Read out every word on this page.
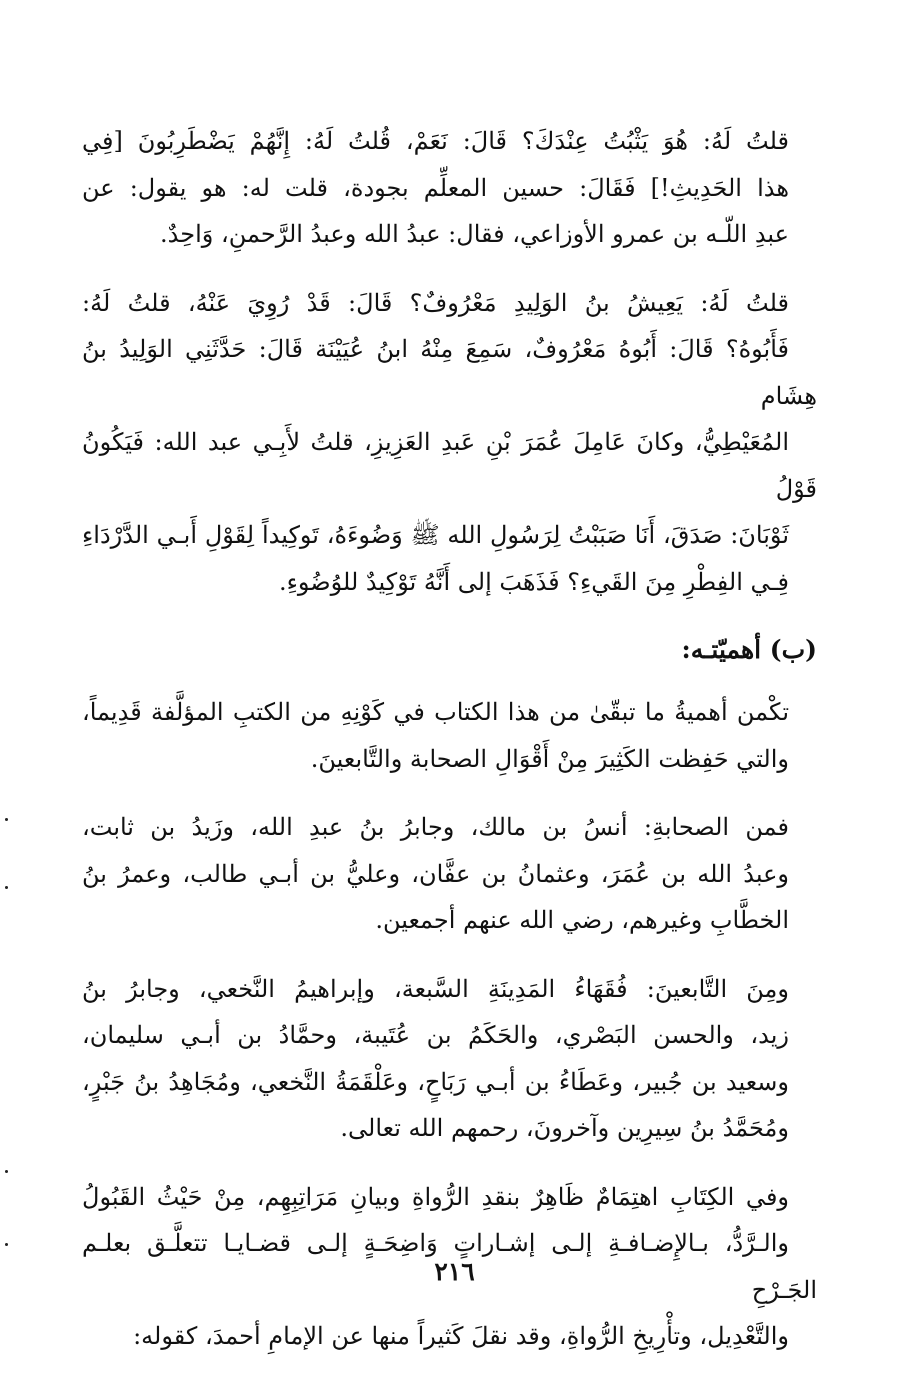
قلتُ لَهُ: هُوَ يَثْبُتُ عِنْدَكَ؟ قَالَ: نَعَمْ، قُلتُ لَهُ: إِنَّهُمْ يَضْطَرِبُونَ [فِي
هذا الحَدِيثِ!] فَقَالَ: حسين المعلِّم بجودة، قلت له: هو يقول: عن
عبدِ اللّـه بن عمرو الأوزاعي، فقال: عبدُ الله وعبدُ الرَّحمنِ، وَاحِدٌ.

قلتُ لَهُ: يَعِيشُ بنُ الوَلِيدِ مَعْرُوفٌ؟ قَالَ: قَدْ رُوِيَ عَنْهُ، قلتُ لَهُ:
فَأَبُوهُ؟ قَالَ: أَبُوهُ مَعْرُوفٌ، سَمِعَ مِنْهُ ابنُ عُيَيْنَة قَالَ: حَدَّثَنِي الوَلِيدُ بنُ هِشَام
المُعَيْطِيُّ، وكانَ عَامِلَ عُمَرَ بْنِ عَبدِ العَزِيزِ، قلتُ لأَبِـي عبد الله: فَيَكُونُ قَوْلُ
ثَوْبَانَ: صَدَقَ، أَنَا صَبَبْتُ لِرَسُولِ الله ﷺ وَضُوءَهُ، تَوكِيداً لِقَوْلِ أَبـي الدَّرْدَاءِ
فِـي الفِطْرِ مِنَ القَيءِ؟ فَذَهَبَ إلى أَنَّهُ تَوْكِيدٌ للوُضُوءِ.

(ب) أهميّتـه:

تكْمن أهميةُ ما تبقّىٰ من هذا الكتاب في كَوْنِهِ من الكتبِ المؤلَّفة قَدِيماً،
والتي حَفِظت الكَثِيرَ مِنْ أَقْوَالِ الصحابة والتَّابعينَ.

فمن الصحابةِ: أنسُ بن مالك، وجابرُ بنُ عبدِ الله، وزَيدُ بن ثابت،
وعبدُ الله بن عُمَرَ، وعثمانُ بن عفَّان، وعليُّ بن أبـي طالب، وعمرُ بنُ
الخطَّابِ وغيرهم، رضي الله عنهم أجمعين.

ومِنَ التَّابعينَ: فُقَهَاءُ المَدِينَةِ السَّبعة، وإبراهيمُ النَّخعي، وجابرُ بنُ
زيد، والحسن البَصْري، والحَكَمُ بن عُتَيبة، وحمَّادُ بن أبـي سليمان،
وسعيد بن جُبير، وعَطَاءُ بن أبـي رَبَاحٍ، وعَلْقَمَةُ النَّخعي، ومُجَاهِدُ بنُ جَبْرٍ،
ومُحَمَّدُ بنُ سِيرِين وآخرونَ، رحمهم الله تعالى.

وفي الكِتَابِ اهتِمَامٌ ظَاهِرٌ بنقدِ الرُّواةِ وبيانِ مَرَاتِبِهِم، مِنْ حَيْثُ القَبُولُ
والـرَّدُّ، بـالإِضـافـةِ إلـى إشـاراتٍ وَاضِحَـةٍ إلـى قضـايـا تتعلَّـق بعلـم الجَـرْحِ
والتَّعْدِيل، وتأْرِيخِ الرُّواةِ، وقد نقلَ كَثيراً منها عن الإمامِ أحمدَ، كقوله:

٢١٦
